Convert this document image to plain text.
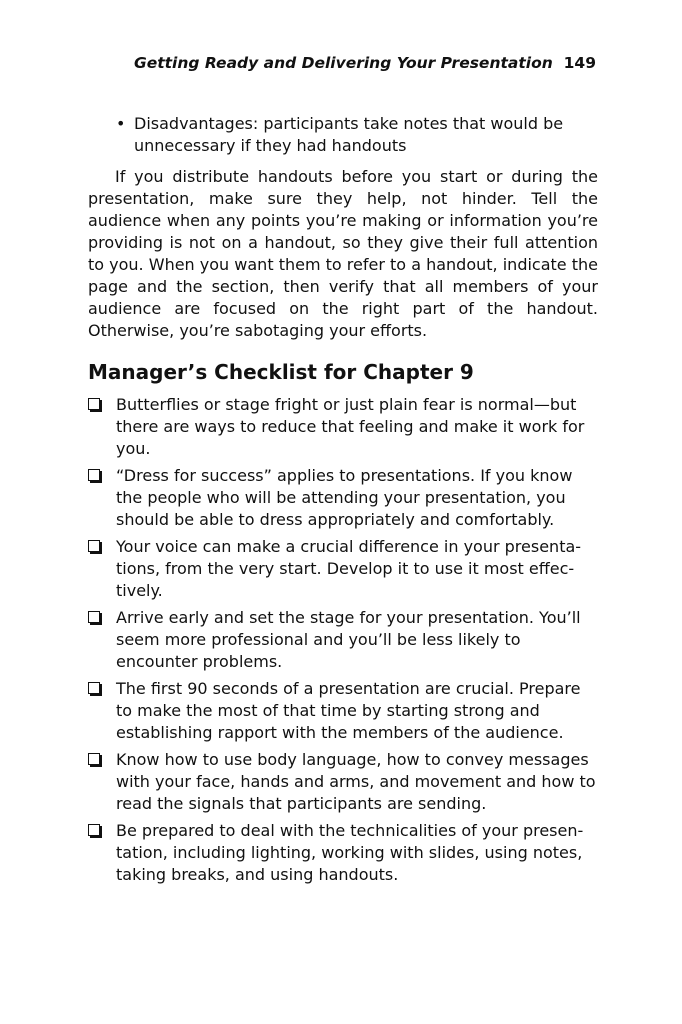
Getting Ready and Delivering Your Presentation 149
• Disadvantages: participants take notes that would be unnecessary if they had handouts

If you distribute handouts before you start or during the presentation, make sure they help, not hinder. Tell the audience when any points you’re making or information you’re providing is not on a handout, so they give their full attention to you. When you want them to refer to a handout, indicate the page and the section, then verify that all members of your audience are focused on the right part of the handout. Otherwise, you’re sabotaging your efforts.

Manager’s Checklist for Chapter 9
Butterflies or stage fright or just plain fear is normal—but there are ways to reduce that feeling and make it work for you.
“Dress for success” applies to presentations. If you know the people who will be attending your presentation, you should be able to dress appropriately and comfortably.
Your voice can make a crucial difference in your presentations, from the very start. Develop it to use it most effectively.
Arrive early and set the stage for your presentation. You’ll seem more professional and you’ll be less likely to encounter problems.
The first 90 seconds of a presentation are crucial. Prepare to make the most of that time by starting strong and establishing rapport with the members of the audience.
Know how to use body language, how to convey messages with your face, hands and arms, and movement and how to read the signals that participants are sending.
Be prepared to deal with the technicalities of your presentation, including lighting, working with slides, using notes, taking breaks, and using handouts.
